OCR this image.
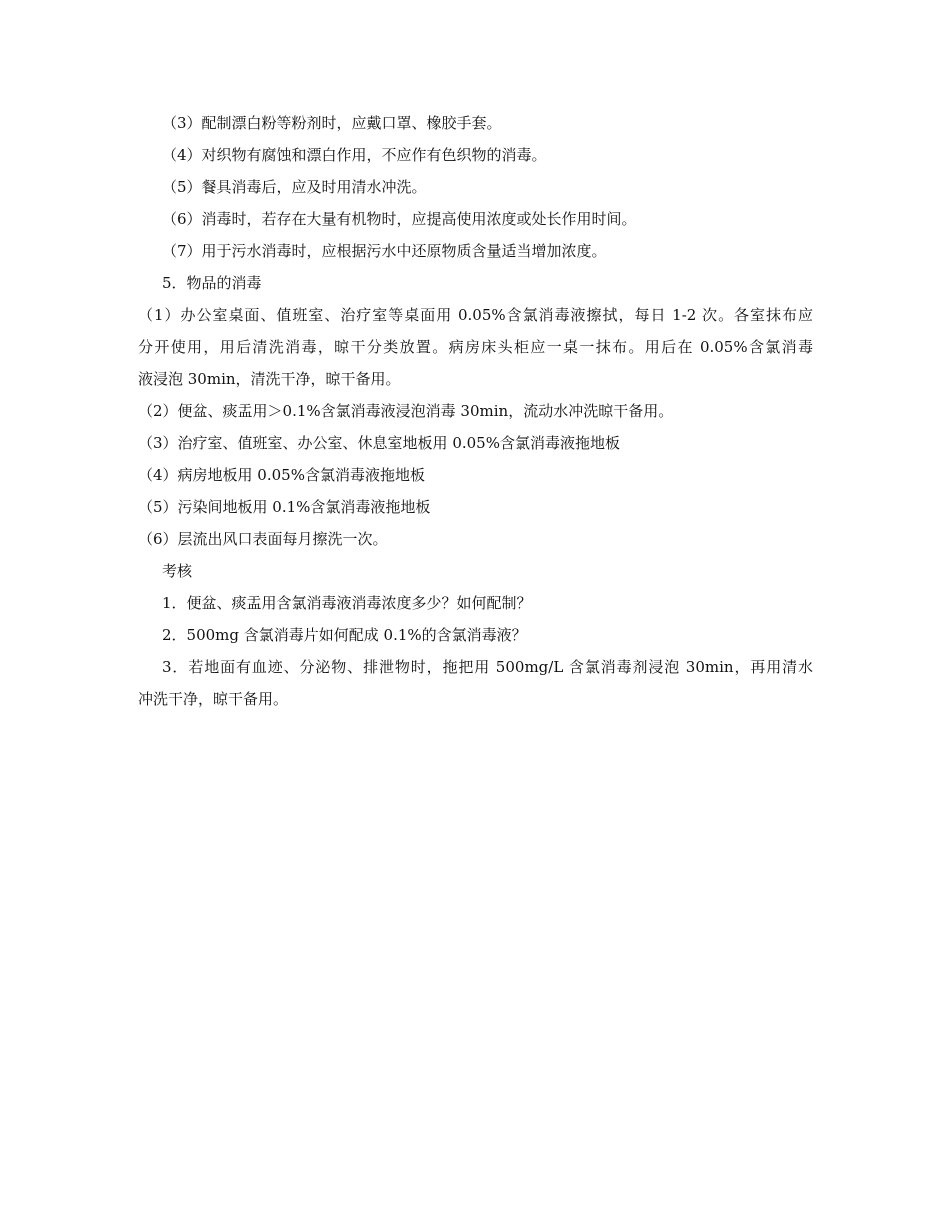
（3）配制漂白粉等粉剂时，应戴口罩、橡胶手套。
（4）对织物有腐蚀和漂白作用，不应作有色织物的消毒。
（5）餐具消毒后，应及时用清水冲洗。
（6）消毒时，若存在大量有机物时，应提高使用浓度或处长作用时间。
（7）用于污水消毒时，应根据污水中还原物质含量适当增加浓度。
5．物品的消毒
（1）办公室桌面、值班室、治疗室等桌面用 0.05%含氯消毒液擦拭，每日 1-2 次。各室抹布应
分开使用，用后清洗消毒，晾干分类放置。病房床头柜应一桌一抹布。用后在 0.05%含氯消毒
液浸泡 30min，清洗干净，晾干备用。
（2）便盆、痰盂用＞0.1%含氯消毒液浸泡消毒 30min，流动水冲洗晾干备用。
（3）治疗室、值班室、办公室、休息室地板用 0.05%含氯消毒液拖地板
（4）病房地板用 0.05%含氯消毒液拖地板
（5）污染间地板用 0.1%含氯消毒液拖地板
（6）层流出风口表面每月擦洗一次。
考核
1．便盆、痰盂用含氯消毒液消毒浓度多少？如何配制？
2．500mg 含氯消毒片如何配成 0.1%的含氯消毒液？
3．若地面有血迹、分泌物、排泄物时，拖把用 500mg/L 含氯消毒剂浸泡 30min，再用清水
冲洗干净，晾干备用。
